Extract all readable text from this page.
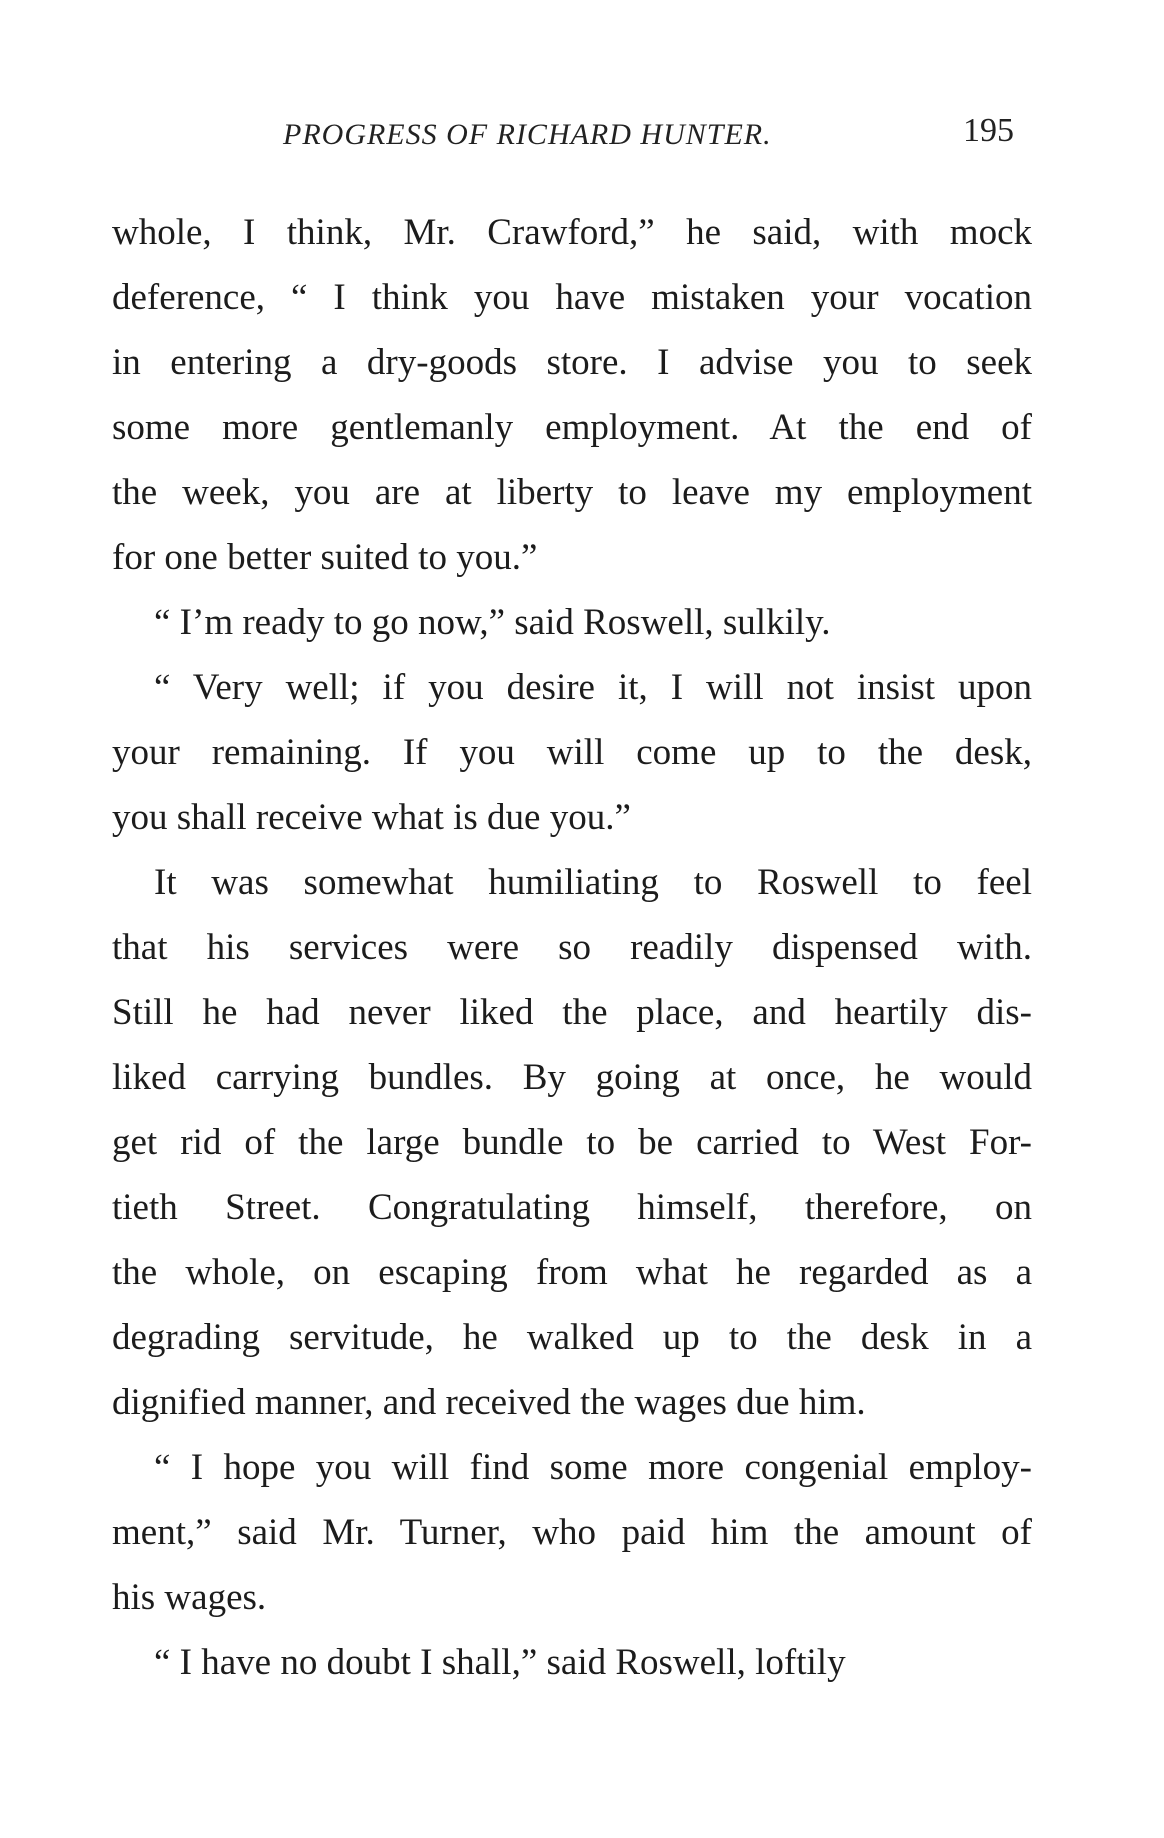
PROGRESS OF RICHARD HUNTER.	195
whole, I think, Mr. Crawford,” he said, with mock
deference, “ I think you have mistaken your vocation
in entering a dry-goods store. I advise you to seek
some more gentlemanly employment. At the end of
the week, you are at liberty to leave my employment
for one better suited to you.”
“ I’m ready to go now,” said Roswell, sulkily.
“ Very well; if you desire it, I will not insist upon
your remaining. If you will come up to the desk,
you shall receive what is due you.”
It was somewhat humiliating to Roswell to feel
that his services were so readily dispensed with.
Still he had never liked the place, and heartily dis-
liked carrying bundles. By going at once, he would
get rid of the large bundle to be carried to West For-
tieth Street. Congratulating himself, therefore, on
the whole, on escaping from what he regarded as a
degrading servitude, he walked up to the desk in a
dignified manner, and received the wages due him.
“ I hope you will find some more congenial employ-
ment,” said Mr. Turner, who paid him the amount of
his wages.
“ I have no doubt I shall,” said Roswell, loftily
